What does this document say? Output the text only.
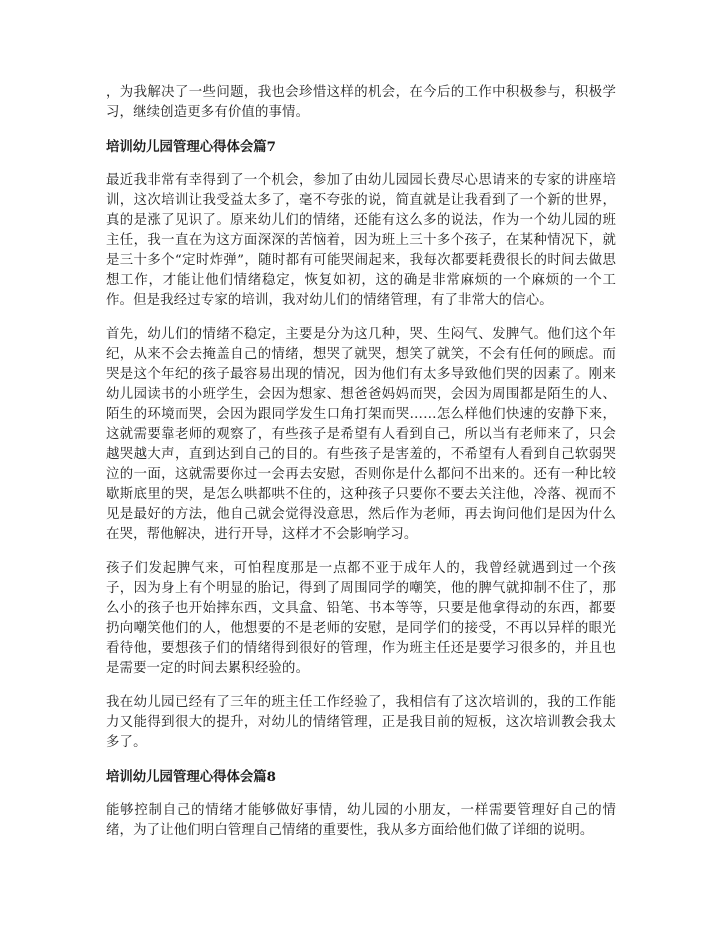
，为我解决了一些问题，我也会珍惜这样的机会，在今后的工作中积极参与，积极学习，继续创造更多有价值的事情。

培训幼儿园管理心得体会篇7

最近我非常有幸得到了一个机会，参加了由幼儿园园长费尽心思请来的专家的讲座培训，这次培训让我受益太多了，毫不夸张的说，简直就是让我看到了一个新的世界，真的是涨了见识了。原来幼儿们的情绪，还能有这么多的说法，作为一个幼儿园的班主任，我一直在为这方面深深的苦恼着，因为班上三十多个孩子，在某种情况下，就是三十多个“定时炸弹”，随时都有可能哭闹起来，我每次都要耗费很长的时间去做思想工作，才能让他们情绪稳定，恢复如初，这的确是非常麻烦的一个麻烦的一个工作。但是我经过专家的培训，我对幼儿们的情绪管理，有了非常大的信心。

首先，幼儿们的情绪不稳定，主要是分为这几种，哭、生闷气、发脾气。他们这个年纪，从来不会去掩盖自己的情绪，想哭了就哭，想笑了就笑，不会有任何的顾虑。而哭是这个年纪的孩子最容易出现的情况，因为他们有太多导致他们哭的因素了。刚来幼儿园读书的小班学生，会因为想家、想爸爸妈妈而哭，会因为周围都是陌生的人、陌生的环境而哭，会因为跟同学发生口角打架而哭……怎么样他们快速的安静下来，这就需要靠老师的观察了，有些孩子是希望有人看到自己，所以当有老师来了，只会越哭越大声，直到达到自己的目的。有些孩子是害羞的，不希望有人看到自己软弱哭泣的一面，这就需要你过一会再去安慰，否则你是什么都问不出来的。还有一种比较歇斯底里的哭，是怎么哄都哄不住的，这种孩子只要你不要去关注他，冷落、视而不见是最好的方法，他自己就会觉得没意思，然后作为老师，再去询问他们是因为什么在哭，帮他解决，进行开导，这样才不会影响学习。

孩子们发起脾气来，可怕程度那是一点都不亚于成年人的，我曾经就遇到过一个孩子，因为身上有个明显的胎记，得到了周围同学的嘲笑，他的脾气就抑制不住了，那么小的孩子也开始摔东西，文具盒、铅笔、书本等等，只要是他拿得动的东西，都要扔向嘲笑他们的人，他想要的不是老师的安慰，是同学们的接受，不再以异样的眼光看待他，要想孩子们的情绪得到很好的管理，作为班主任还是要学习很多的，并且也是需要一定的时间去累积经验的。

我在幼儿园已经有了三年的班主任工作经验了，我相信有了这次培训的，我的工作能力又能得到很大的提升，对幼儿的情绪管理，正是我目前的短板，这次培训教会我太多了。

培训幼儿园管理心得体会篇8

能够控制自己的情绪才能够做好事情，幼儿园的小朋友，一样需要管理好自己的情绪，为了让他们明白管理自己情绪的重要性，我从多方面给他们做了详细的说明。
